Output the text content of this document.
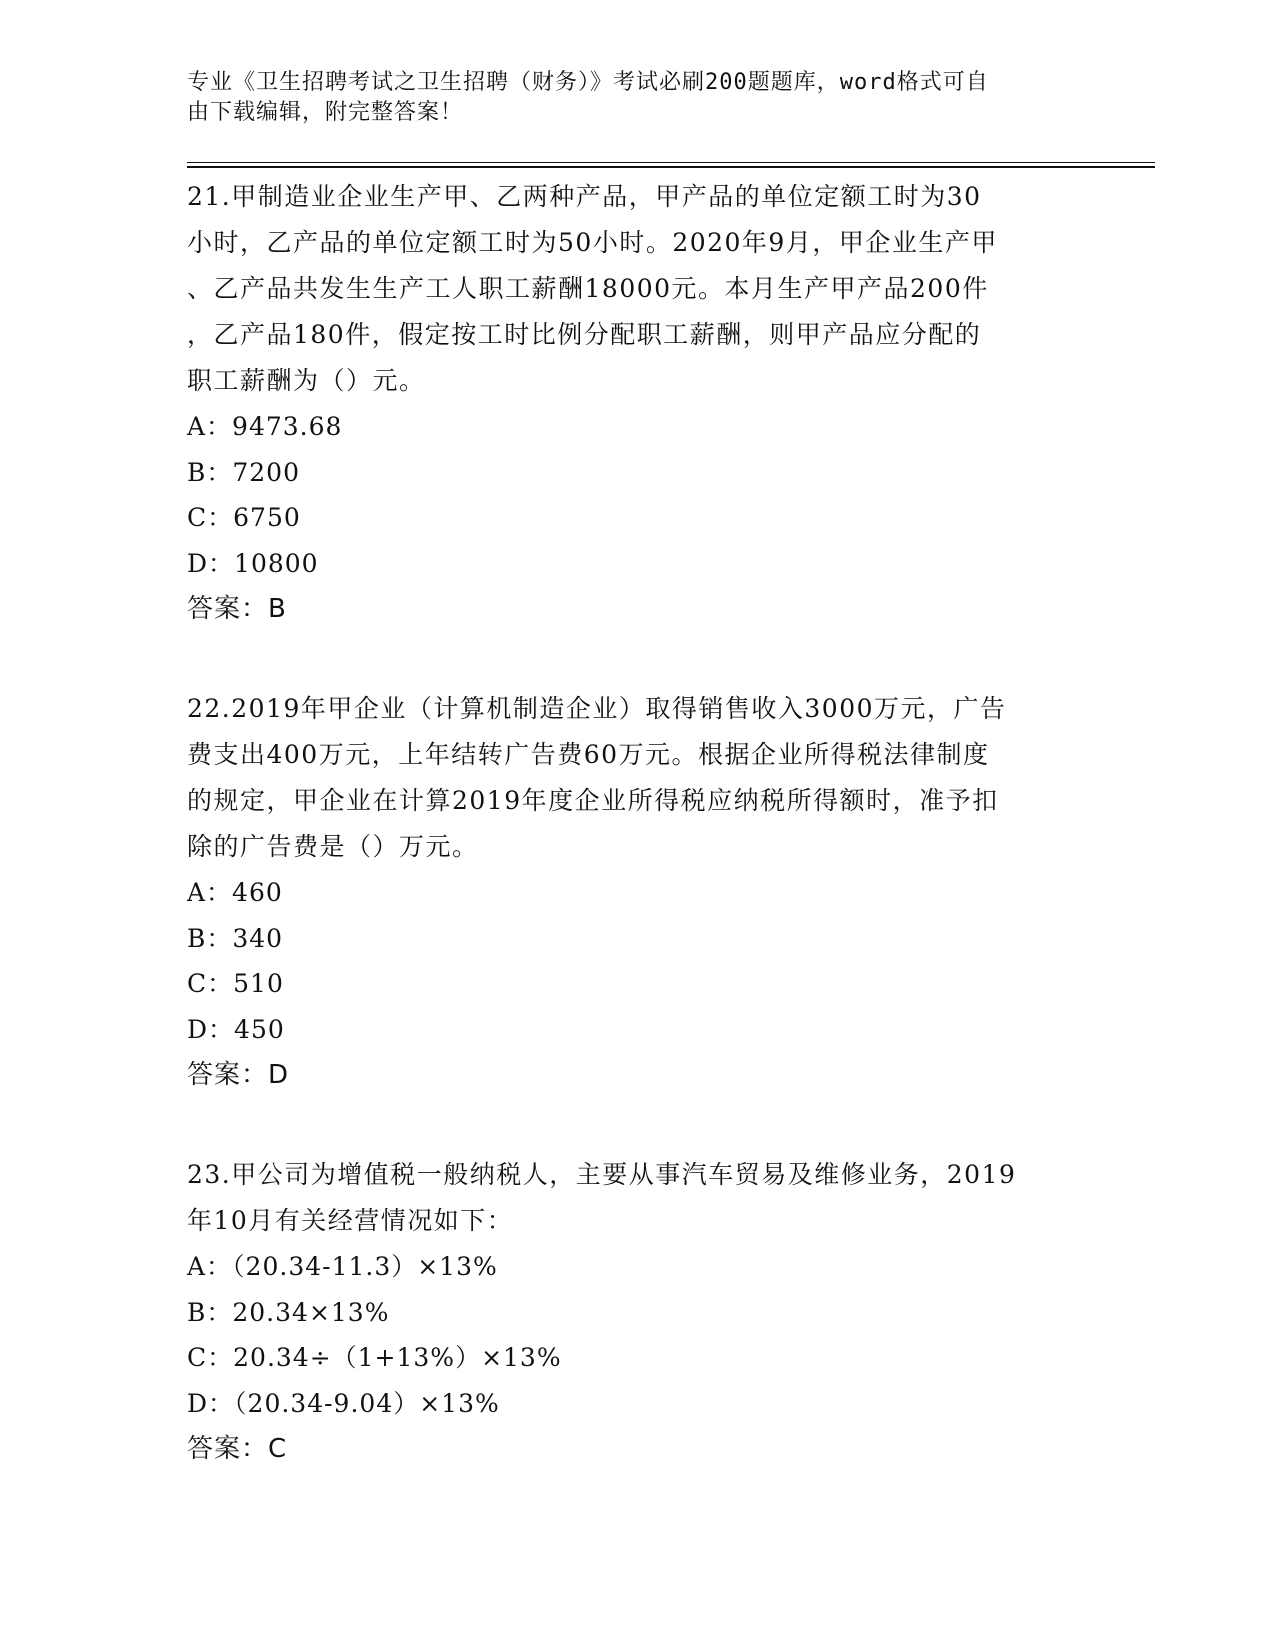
专业《卫生招聘考试之卫生招聘（财务）》考试必刷200题题库，word格式可自
由下载编辑，附完整答案！
21.甲制造业企业生产甲、乙两种产品，甲产品的单位定额工时为30
小时，乙产品的单位定额工时为50小时。2020年9月，甲企业生产甲
、乙产品共发生生产工人职工薪酬18000元。本月生产甲产品200件
，乙产品180件，假定按工时比例分配职工薪酬，则甲产品应分配的
职工薪酬为（）元。
A：9473.68
B：7200
C：6750
D：10800
答案：B
22.2019年甲企业（计算机制造企业）取得销售收入3000万元，广告
费支出400万元，上年结转广告费60万元。根据企业所得税法律制度
的规定，甲企业在计算2019年度企业所得税应纳税所得额时，准予扣
除的广告费是（）万元。
A：460
B：340
C：510
D：450
答案：D
23.甲公司为增值税一般纳税人，主要从事汽车贸易及维修业务，2019
年10月有关经营情况如下：
A：（20.34-11.3）×13%
B：20.34×13%
C：20.34÷（1+13%）×13%
D：（20.34-9.04）×13%
答案：C
